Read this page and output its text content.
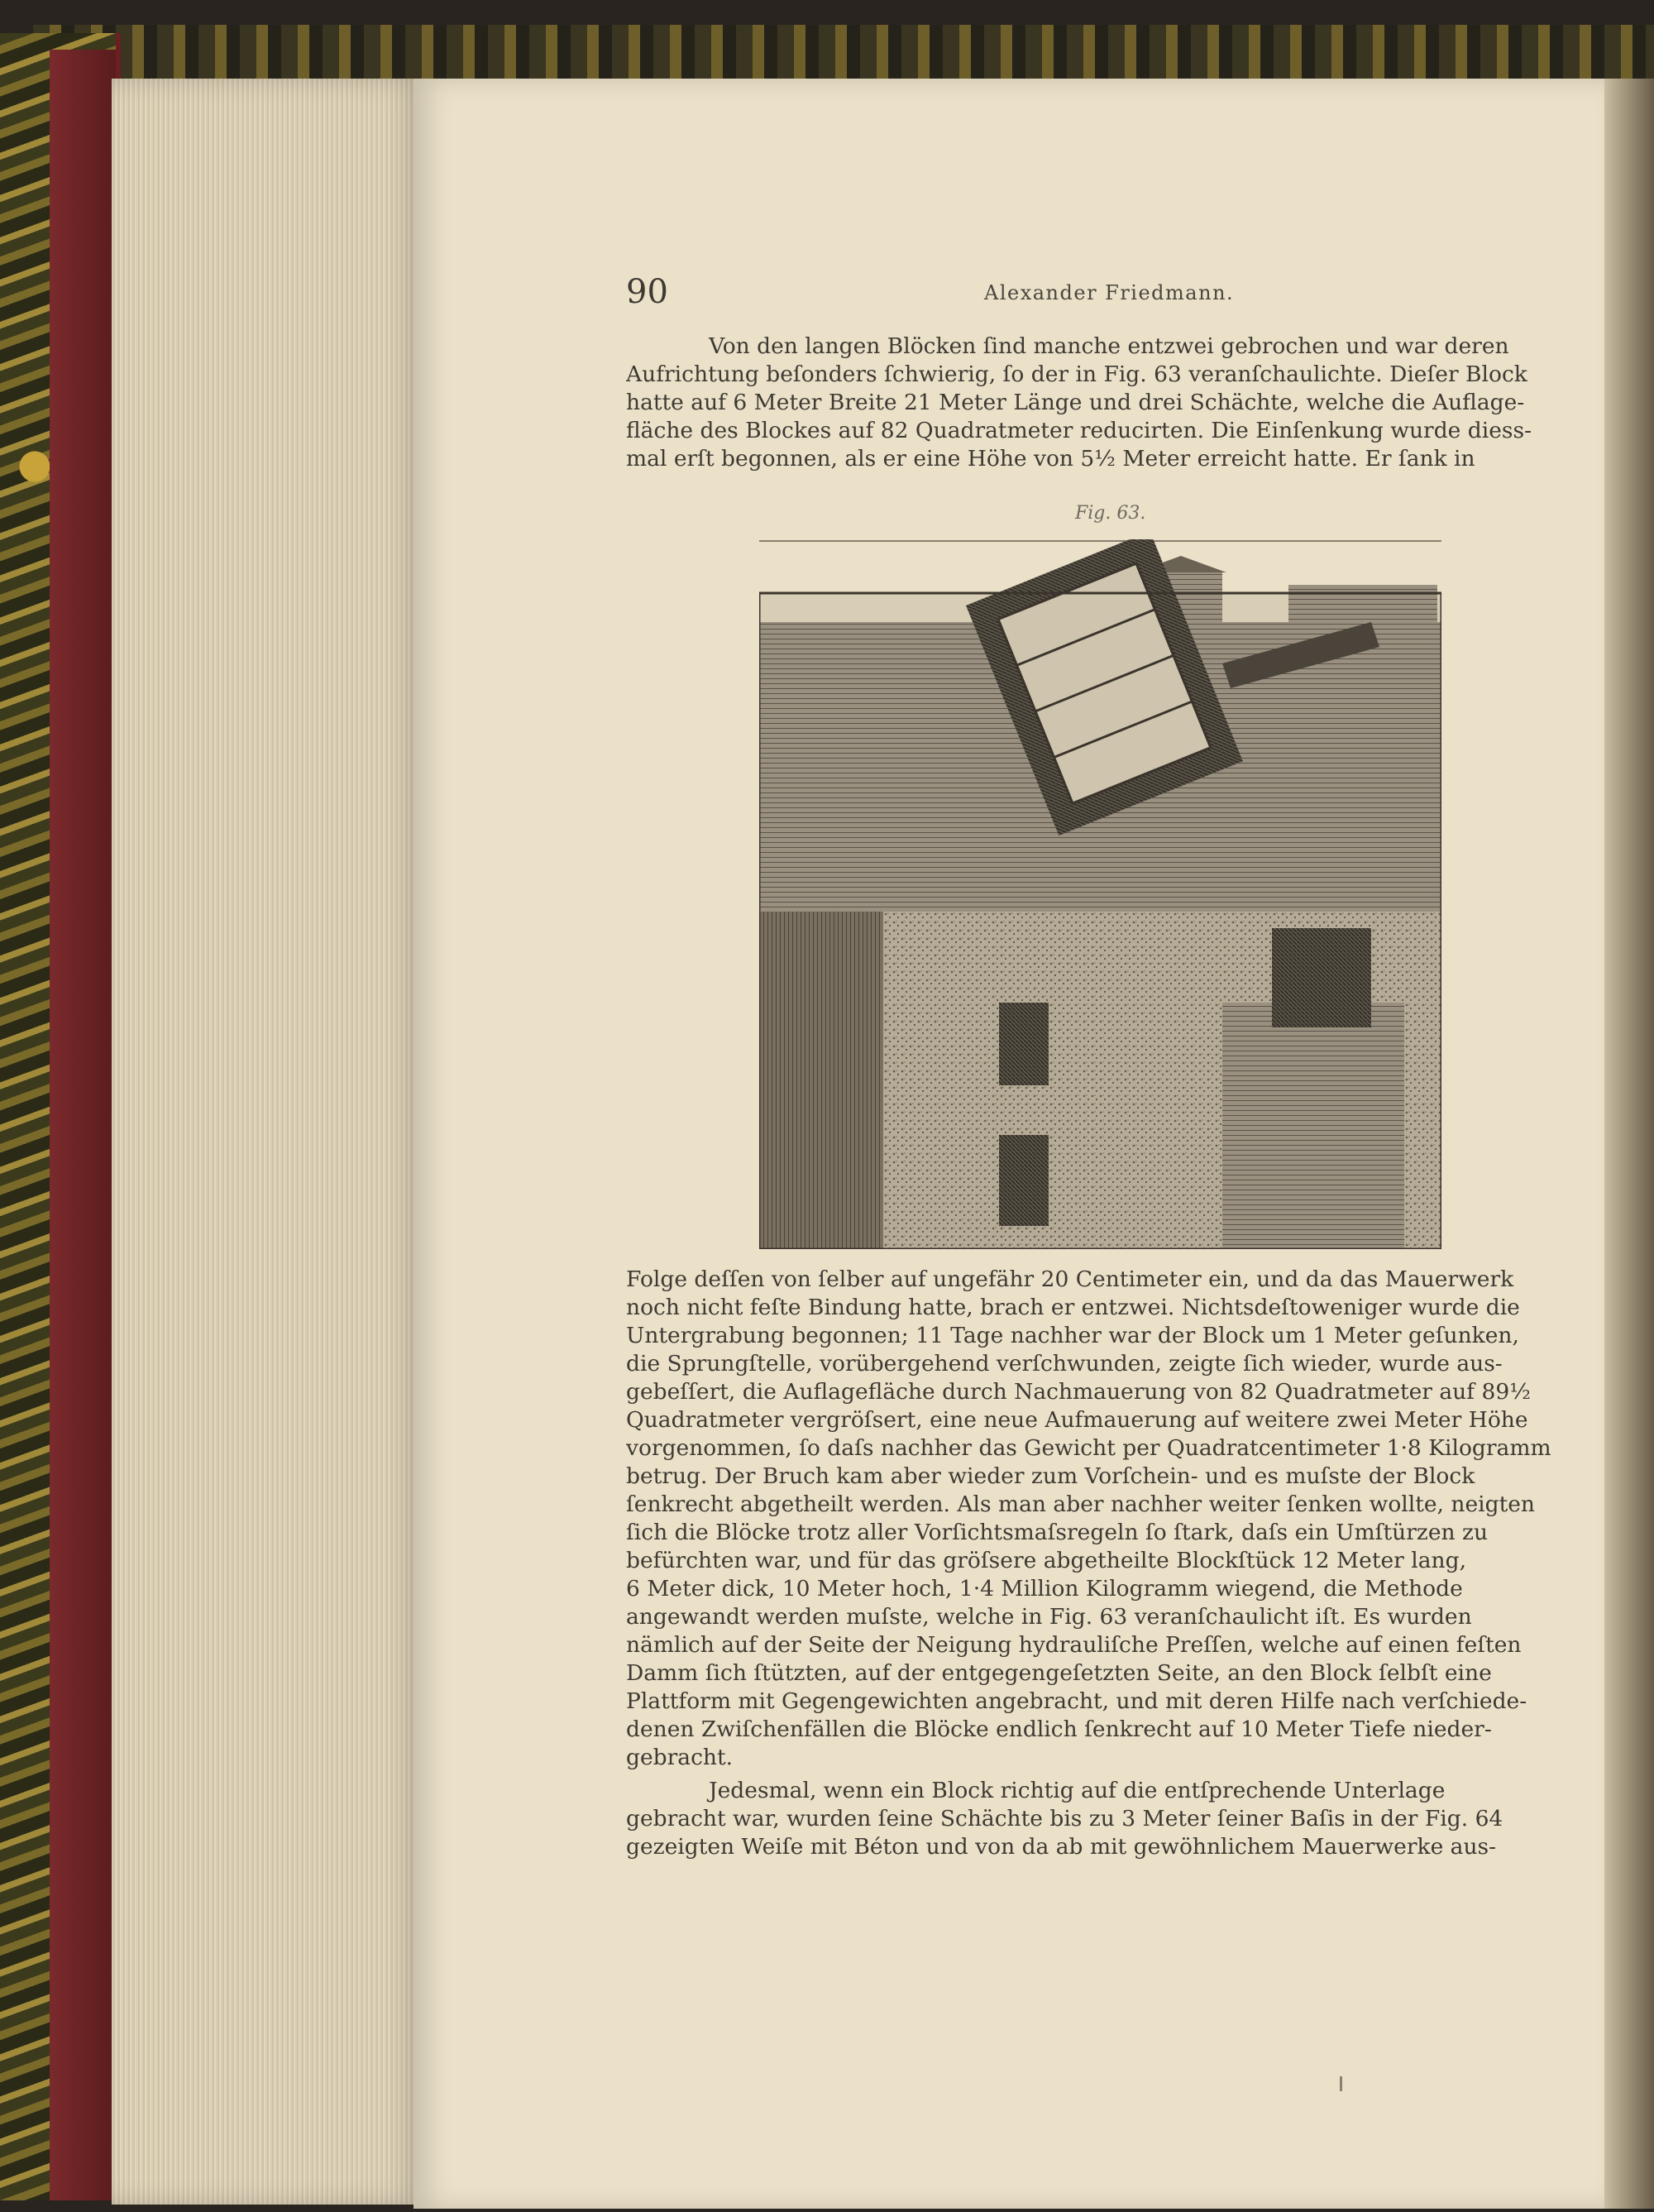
90	Alexander Friedmann.
Von den langen Blöcken ſind manche entzwei gebrochen und war deren
Aufrichtung beſonders ſchwierig, ſo der in Fig. 63 veranſchaulichte. Dieſer Block
hatte auf 6 Meter Breite 21 Meter Länge und drei Schächte, welche die Auflage-
fläche des Blockes auf 82 Quadratmeter reducirten. Die Einſenkung wurde diess-
mal erſt begonnen, als er eine Höhe von 5½ Meter erreicht hatte. Er ſank in
Fig. 63.
Folge deſſen von ſelber auf ungefähr 20 Centimeter ein, und da das Mauerwerk
noch nicht feſte Bindung hatte, brach er entzwei. Nichtsdeſtoweniger wurde die
Untergrabung begonnen; 11 Tage nachher war der Block um 1 Meter geſunken,
die Sprungſtelle, vorübergehend verſchwunden, zeigte ſich wieder, wurde aus-
gebeſſert, die Auflagefläche durch Nachmauerung von 82 Quadratmeter auf 89½
Quadratmeter vergröſsert, eine neue Aufmauerung auf weitere zwei Meter Höhe
vorgenommen, ſo daſs nachher das Gewicht per Quadratcentimeter 1·8 Kilogramm
betrug. Der Bruch kam aber wieder zum Vorſchein- und es muſste der Block
ſenkrecht abgetheilt werden. Als man aber nachher weiter ſenken wollte, neigten
ſich die Blöcke trotz aller Vorſichtsmaſsregeln ſo ſtark, daſs ein Umſtürzen zu
befürchten war, und für das gröſsere abgetheilte Blockſtück 12 Meter lang,
6 Meter dick, 10 Meter hoch, 1·4 Million Kilogramm wiegend, die Methode
angewandt werden muſste, welche in Fig. 63 veranſchaulicht iſt. Es wurden
nämlich auf der Seite der Neigung hydrauliſche Preſſen, welche auf einen feſten
Damm ſich ſtützten, auf der entgegengeſetzten Seite, an den Block ſelbſt eine
Plattform mit Gegengewichten angebracht, und mit deren Hilfe nach verſchiede-
denen Zwiſchenfällen die Blöcke endlich ſenkrecht auf 10 Meter Tiefe nieder-
gebracht.
Jedesmal, wenn ein Block richtig auf die entſprechende Unterlage
gebracht war, wurden ſeine Schächte bis zu 3 Meter ſeiner Baſis in der Fig. 64
gezeigten Weiſe mit Béton und von da ab mit gewöhnlichem Mauerwerke aus-
